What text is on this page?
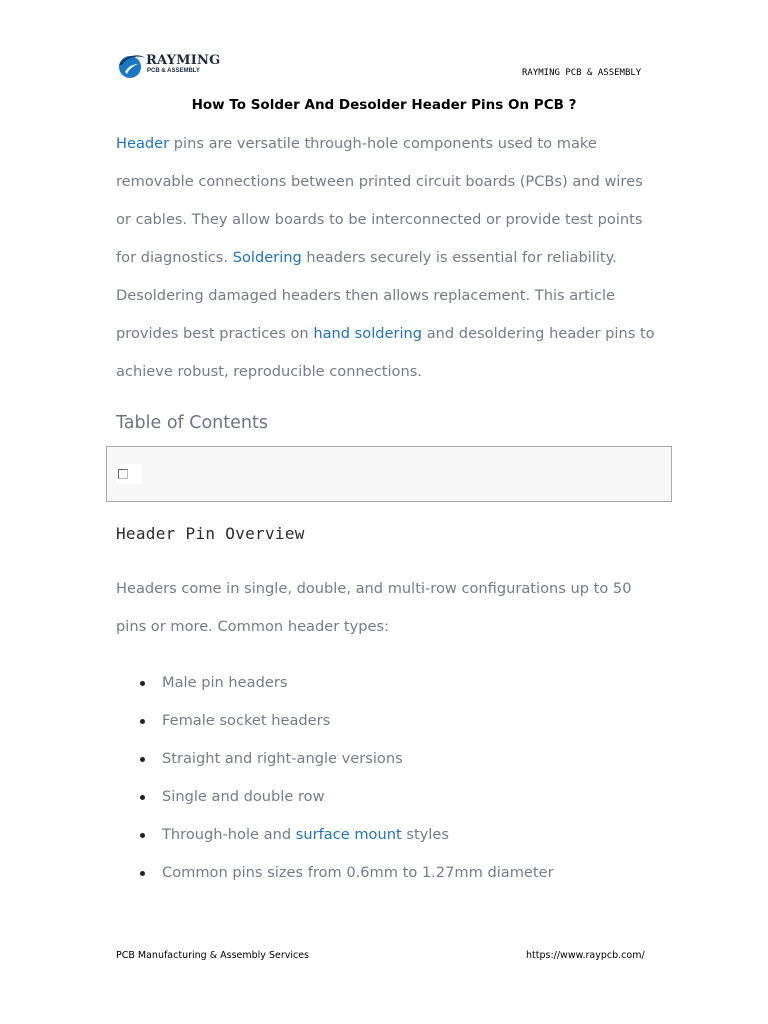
RAYMING
PCB & ASSEMBLY	RAYMING PCB & ASSEMBLY
How To Solder And Desolder Header Pins On PCB ?

Header pins are versatile through-hole components used to make
removable connections between printed circuit boards (PCBs) and wires
or cables. They allow boards to be interconnected or provide test points
for diagnostics. Soldering headers securely is essential for reliability.
Desoldering damaged headers then allows replacement. This article
provides best practices on hand soldering and desoldering header pins to
achieve robust, reproducible connections.

Table of Contents
Header Pin Overview

Headers come in single, double, and multi-row configurations up to 50
pins or more. Common header types:

Male pin headers
Female socket headers
Straight and right-angle versions
Single and double row
Through-hole and surface mount styles
Common pins sizes from 0.6mm to 1.27mm diameter
PCB Manufacturing & Assembly Services	https://www.raypcb.com/
